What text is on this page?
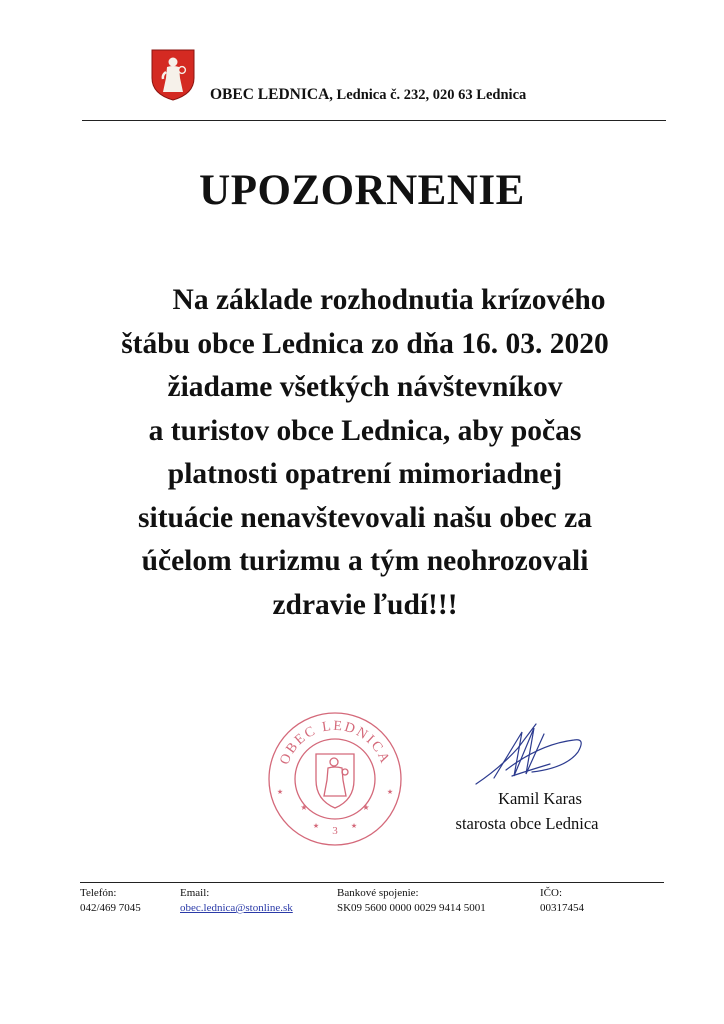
OBEC LEDNICA, Lednica č. 232, 020 63 Lednica
UPOZORNENIE
Na základe rozhodnutia krízového
štábu obce Lednica zo dňa 16. 03. 2020
žiadame všetkých návštevníkov
a turistov obce Lednica, aby počas
platnosti opatrení mimoriadnej
situácie nenavštevovali našu obec za
účelom turizmu a tým neohrozovali
zdravie ľudí!!!
OBEC LEDNICA
3
★	★
★	★
★	★	Kamil Karas
starosta obce Lednica
Telefón:
042/469 7045
Email:
obec.lednica@stonline.sk
Bankové spojenie:
SK09 5600 0000 0029 9414 5001
IČO:
00317454
